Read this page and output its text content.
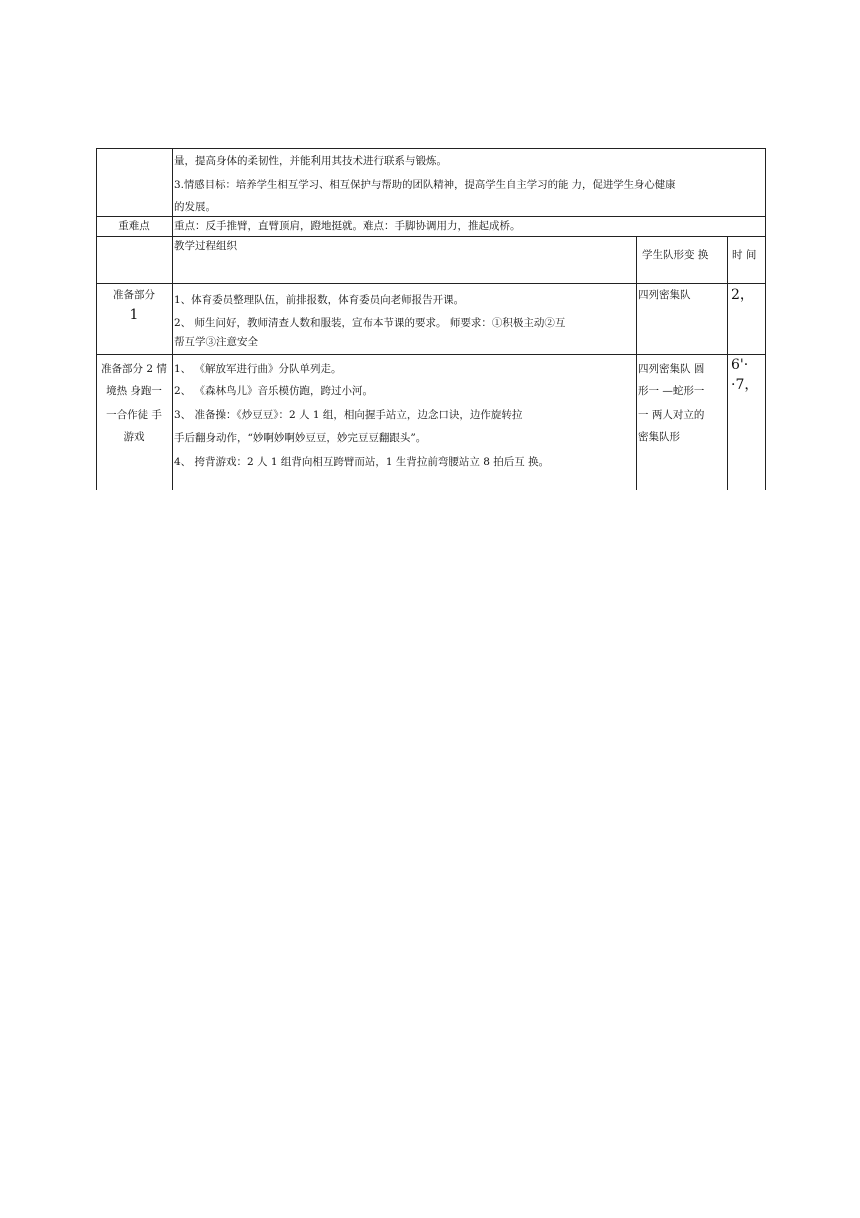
量，提高身体的柔韧性，并能利用其技术进行联系与锻炼。
3.情感目标：培养学生相互学习、相互保护与帮助的团队精神，提高学生自主学习的能 力，促进学生身心健康
的发展。
重难点	重点：反手推臂，直臂顶肩，蹬地挺就。难点：手脚协调用力，推起成桥。
教学过程组织
学生队形变 换 时 间
准备部分
1
1、体育委员整理队伍，前排报数，体育委员向老师报告开课。
2、 师生问好，教师清查人数和服装，宣布本节课的要求。 师要求：①积极主动②互
帮互学③注意安全
四列密集队	2，
准备部分 2 情
境热 身跑一
一合作徒 手
游戏
1、 《解放军进行曲》分队单列走。
2、 《森林鸟儿》音乐模仿跑，跨过小河。
3、 准备操：《炒豆豆》：2 人 1 组，相向握手站立，边念口诀，边作旋转拉
手后翻身动作，“妙啊妙啊妙豆豆，妙完豆豆翻跟头”。
4、 挎背游戏：2 人 1 组背向相互跨臂而站，1 生背拉前弯腰站立 8 拍后互 换。
四列密集队 圆
形一 —蛇形一
一 两人对立的
密集队形
6'·
·7，
